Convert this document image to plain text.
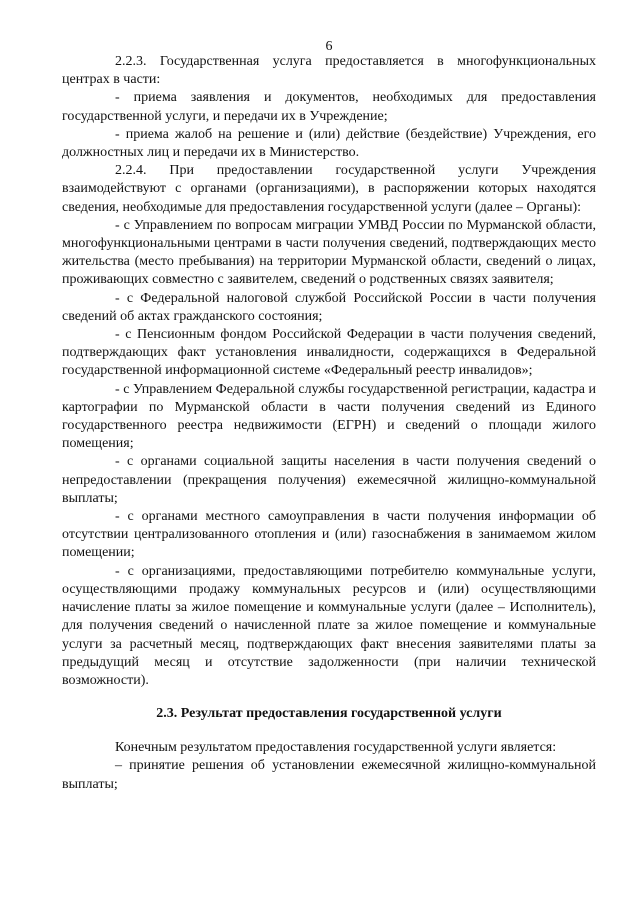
6

2.2.3. Государственная услуга предоставляется в многофункциональных центрах в части:

- приема заявления и документов, необходимых для предоставления государственной услуги, и передачи их в Учреждение;

- приема жалоб на решение и (или) действие (бездействие) Учреждения, его должностных лиц и передачи их в Министерство.

2.2.4. При предоставлении государственной услуги Учреждения взаимодействуют с органами (организациями), в распоряжении которых находятся сведения, необходимые для предоставления государственной услуги (далее – Органы):

- с Управлением по вопросам миграции УМВД России по Мурманской области, многофункциональными центрами в части получения сведений, подтверждающих место жительства (место пребывания) на территории Мурманской области, сведений о лицах, проживающих совместно с заявителем, сведений о родственных связях заявителя;

- с Федеральной налоговой службой Российской России в части получения сведений об актах гражданского состояния;

- с Пенсионным фондом Российской Федерации в части получения сведений, подтверждающих факт установления инвалидности, содержащихся в Федеральной государственной информационной системе «Федеральный реестр инвалидов»;

- с Управлением Федеральной службы государственной регистрации, кадастра и картографии по Мурманской области в части получения сведений из Единого государственного реестра недвижимости (ЕГРН) и сведений о площади жилого помещения;

- с органами социальной защиты населения в части получения сведений о непредоставлении (прекращения получения) ежемесячной жилищно-коммунальной выплаты;

- с органами местного самоуправления в части получения информации об отсутствии централизованного отопления и (или) газоснабжения в занимаемом жилом помещении;

- с организациями, предоставляющими потребителю коммунальные услуги, осуществляющими продажу коммунальных ресурсов и (или) осуществляющими начисление платы за жилое помещение и коммунальные услуги (далее – Исполнитель), для получения сведений о начисленной плате за жилое помещение и коммунальные услуги за расчетный месяц, подтверждающих факт внесения заявителями платы за предыдущий месяц и отсутствие задолженности (при наличии технической возможности).

2.3. Результат предоставления государственной услуги

Конечным результатом предоставления государственной услуги является:

– принятие решения об установлении ежемесячной жилищно-коммунальной выплаты;
